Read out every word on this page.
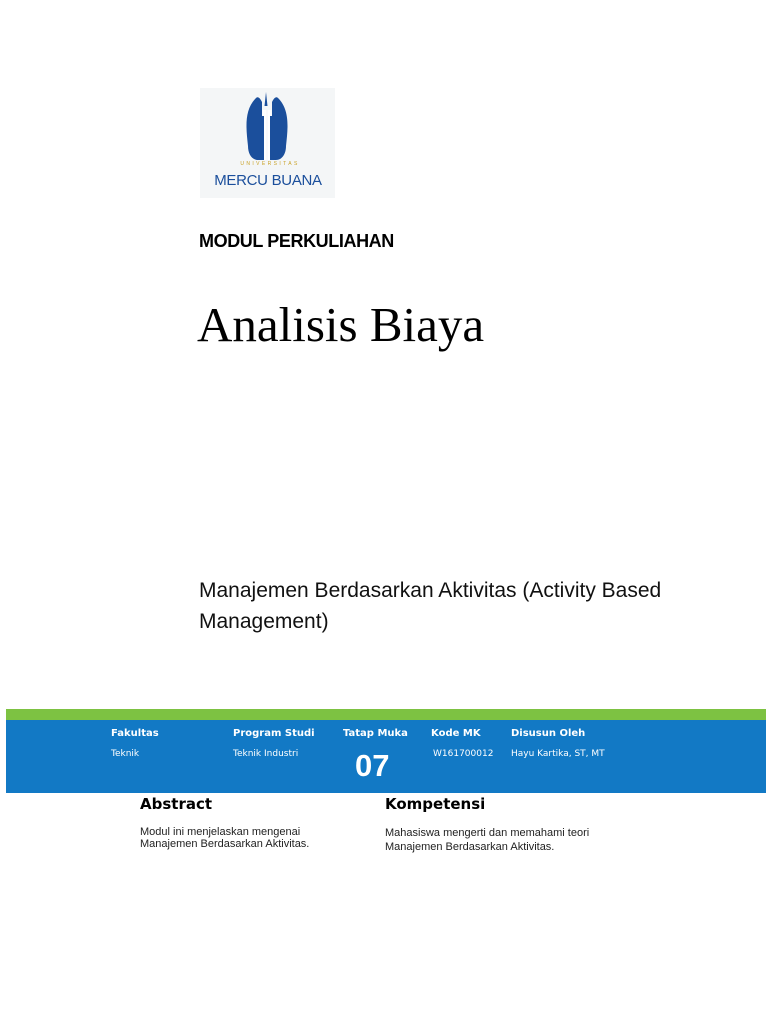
UNIVERSITAS
MERCU BUANA
MODUL PERKULIAHAN
Analisis Biaya
Manajemen Berdasarkan Aktivitas (Activity Based Management)
Fakultas
Teknik
Program Studi
Teknik Industri
Tatap Muka
07
Kode MK
W161700012
Disusun Oleh
Hayu Kartika, ST, MT
Abstract
Modul ini menjelaskan mengenai
Manajemen Berdasarkan Aktivitas.
Kompetensi
Mahasiswa mengerti dan memahami teori
Manajemen Berdasarkan Aktivitas.
